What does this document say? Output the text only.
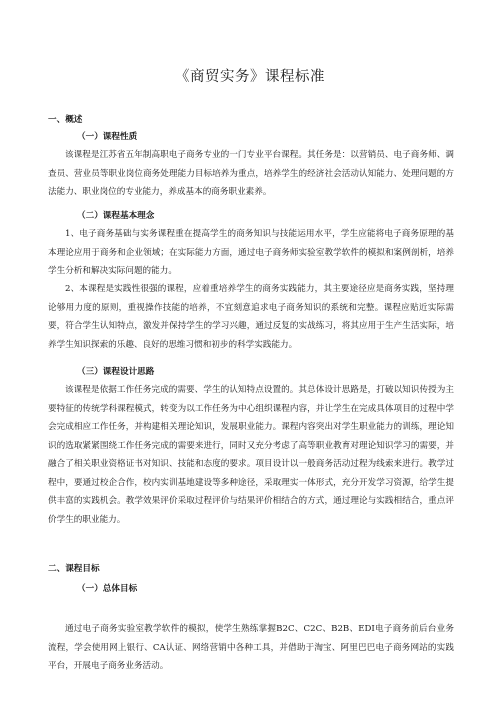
《商贸实务》课程标准
一、概述
（一）课程性质

该课程是江苏省五年制高职电子商务专业的一门专业平台课程。其任务是：以营销员、电子商务师、调查员、营业员等职业岗位商务处理能力目标培养为重点，培养学生的经济社会活动认知能力、处理问题的方法能力、职业岗位的专业能力，养成基本的商务职业素养。

（二）课程基本理念

1、电子商务基础与实务课程重在提高学生的商务知识与技能运用水平，学生应能将电子商务原理的基本理论应用于商务和企业领域；在实际能力方面，通过电子商务师实验室教学软件的模拟和案例剖析，培养学生分析和解决实际问题的能力。

2、本课程是实践性很强的课程，应着重培养学生的商务实践能力，其主要途径应是商务实践，坚持理论够用力度的原则，重视操作技能的培养，不宜刻意追求电子商务知识的系统和完整。课程应贴近实际需要，符合学生认知特点，激发并保持学生的学习兴趣，通过反复的实战练习，将其应用于生产生活实际，培养学生知识探索的乐趣、良好的思维习惯和初步的科学实践能力。

（三）课程设计思路

该课程是依据工作任务完成的需要、学生的认知特点设置的。其总体设计思路是，打破以知识传授为主要特征的传统学科课程模式，转变为以工作任务为中心组织课程内容，并让学生在完成具体项目的过程中学会完成相应工作任务，并构建相关理论知识，发展职业能力。课程内容突出对学生职业能力的训练，理论知识的选取紧紧围绕工作任务完成的需要来进行，同时又充分考虑了高等职业教育对理论知识学习的需要，并融合了相关职业资格证书对知识、技能和态度的要求。项目设计以一般商务活动过程为线索来进行。教学过程中，要通过校企合作，校内实训基地建设等多种途径，采取理实一体形式，充分开发学习资源，给学生提供丰富的实践机会。教学效果评价采取过程评价与结果评价相结合的方式，通过理论与实践相结合，重点评价学生的职业能力。

二、课程目标
（一）总体目标

通过电子商务实验室教学软件的模拟，使学生熟练掌握B2C、C2C、B2B、EDI电子商务前后台业务流程，学会使用网上银行、CA认证、网络营销中各种工具，并借助于淘宝、阿里巴巴电子商务网站的实践平台，开展电子商务业务活动。
